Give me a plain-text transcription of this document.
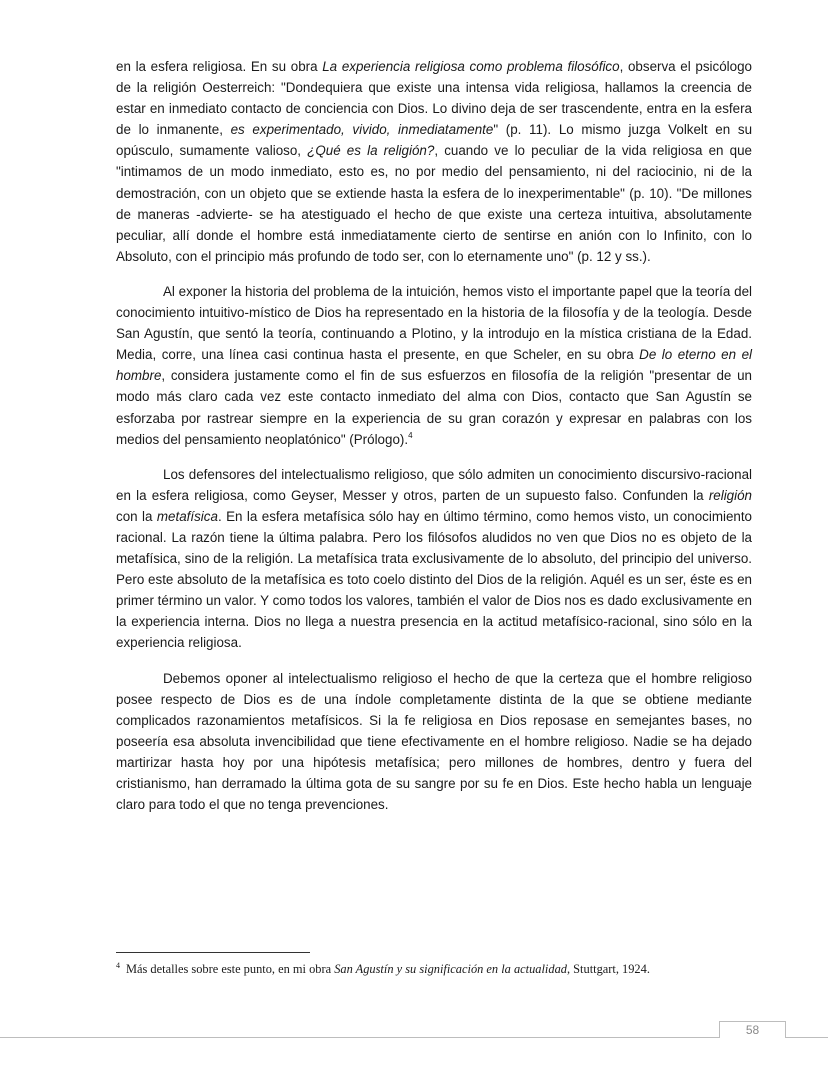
en la esfera religiosa. En su obra La experiencia religiosa como problema filosófico, observa el psicólogo de la religión Oesterreich: "Dondequiera que existe una intensa vida religiosa, hallamos la creencia de estar en inmediato contacto de conciencia con Dios. Lo divino deja de ser trascendente, entra en la esfera de lo inmanente, es experimentado, vivido, inmediatamente" (p. 11). Lo mismo juzga Volkelt en su opúsculo, sumamente valioso, ¿Qué es la religión?, cuando ve lo peculiar de la vida religiosa en que "intimamos de un modo inmediato, esto es, no por medio del pensamiento, ni del raciocinio, ni de la demostración, con un objeto que se extiende hasta la esfera de lo inexperimentable" (p. 10). "De millones de maneras -advierte- se ha atestiguado el hecho de que existe una certeza intuitiva, absolutamente peculiar, allí donde el hombre está inmediatamente cierto de sentirse en anión con lo Infinito, con lo Absoluto, con el principio más profundo de todo ser, con lo eternamente uno" (p. 12 y ss.).

Al exponer la historia del problema de la intuición, hemos visto el importante papel que la teoría del conocimiento intuitivo-místico de Dios ha representado en la historia de la filosofía y de la teología. Desde San Agustín, que sentó la teoría, continuando a Plotino, y la introdujo en la mística cristiana de la Edad. Media, corre, una línea casi continua hasta el presente, en que Scheler, en su obra De lo eterno en el hombre, considera justamente como el fin de sus esfuerzos en filosofía de la religión "presentar de un modo más claro cada vez este contacto inmediato del alma con Dios, contacto que San Agustín se esforzaba por rastrear siempre en la experiencia de su gran corazón y expresar en palabras con los medios del pensamiento neoplatónico" (Prólogo).$^4$

Los defensores del intelectualismo religioso, que sólo admiten un conocimiento discursivo-racional en la esfera religiosa, como Geyser, Messer y otros, parten de un supuesto falso. Confunden la religión con la metafísica. En la esfera metafísica sólo hay en último término, como hemos visto, un conocimiento racional. La razón tiene la última palabra. Pero los filósofos aludidos no ven que Dios no es objeto de la metafísica, sino de la religión. La metafísica trata exclusivamente de lo absoluto, del principio del universo. Pero este absoluto de la metafísica es toto coelo distinto del Dios de la religión. Aquél es un ser, éste es en primer término un valor. Y como todos los valores, también el valor de Dios nos es dado exclusivamente en la experiencia interna. Dios no llega a nuestra presencia en la actitud metafísico-racional, sino sólo en la experiencia religiosa.

Debemos oponer al intelectualismo religioso el hecho de que la certeza que el hombre religioso posee respecto de Dios es de una índole completamente distinta de la que se obtiene mediante complicados razonamientos metafísicos. Si la fe religiosa en Dios reposase en semejantes bases, no poseería esa absoluta invencibilidad que tiene efectivamente en el hombre religioso. Nadie se ha dejado martirizar hasta hoy por una hipótesis metafísica; pero millones de hombres, dentro y fuera del cristianismo, han derramado la última gota de su sangre por su fe en Dios. Este hecho habla un lenguaje claro para todo el que no tenga prevenciones.

$^4$ Más detalles sobre este punto, en mi obra San Agustín y su significación en la actualidad, Stuttgart, 1924.
58
